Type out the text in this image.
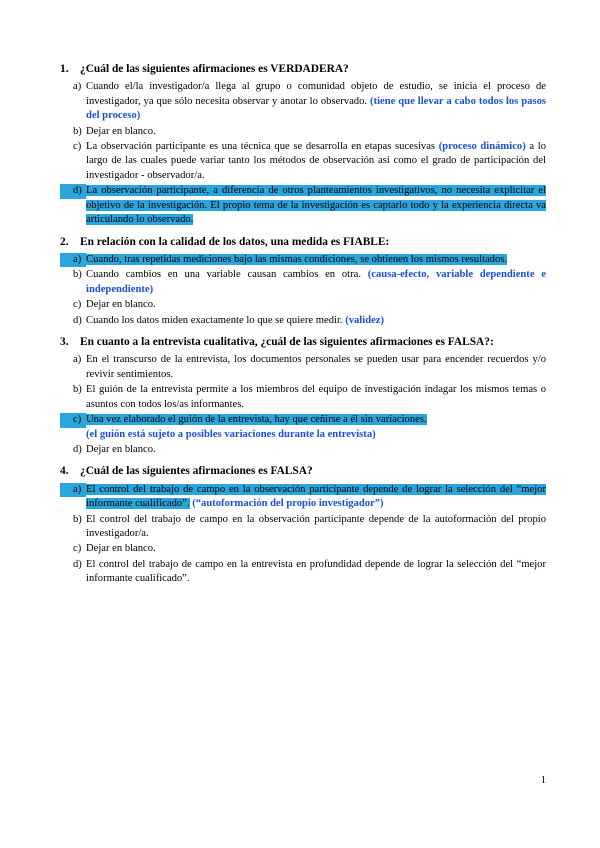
1.	¿Cuál de las siguientes afirmaciones es VERDADERA?
a) Cuando el/la investigador/a llega al grupo o comunidad objeto de estudio, se inicia el proceso de investigador, ya que sólo necesita observar y anotar lo observado. (tiene que llevar a cabo todos los pasos del proceso)
b) Dejar en blanco.
c) La observación participante es una técnica que se desarrolla en etapas sucesivas (proceso dinámico) a lo largo de las cuales puede variar tanto los métodos de observación así como el grado de participación del investigador - observador/a.
d) La observación participante, a diferencia de otros planteamientos investigativos, no necesita explicitar el objetivo de la investigación. El propio tema de la investigación es captarlo todo y la experiencia directa va articulando lo observado.
2.	En relación con la calidad de los datos, una medida es FIABLE:
a) Cuando, tras repetidas mediciones bajo las mismas condiciones, se obtienen los mismos resultados.
b) Cuando cambios en una variable causan cambios en otra. (causa-efecto, variable dependiente e independiente)
c) Dejar en blanco.
d) Cuando los datos miden exactamente lo que se quiere medir. (validez)
3.	En cuanto a la entrevista cualitativa, ¿cuál de las siguientes afirmaciones es FALSA?:
a) En el transcurso de la entrevista, los documentos personales se pueden usar para encender recuerdos y/o revivir sentimientos.
b) El guión de la entrevista permite a los miembros del equipo de investigación indagar los mismos temas o asuntos con todos los/as informantes.
c) Una vez elaborado el guión de la entrevista, hay que ceñirse a él sin variaciones.
(el guión está sujeto a posibles variaciones durante la entrevista)
d) Dejar en blanco.
4.	¿Cuál de las siguientes afirmaciones es FALSA?
a) El control del trabajo de campo en la observación participante depende de lograr la selección del “mejor informante cualificado”. (“autoformación del propio investigador”)
b) El control del trabajo de campo en la observación participante depende de la autoformación del propio investigador/a.
c) Dejar en blanco.
d) El control del trabajo de campo en la entrevista en profundidad depende de lograr la selección del “mejor informante cualificado”.
1
